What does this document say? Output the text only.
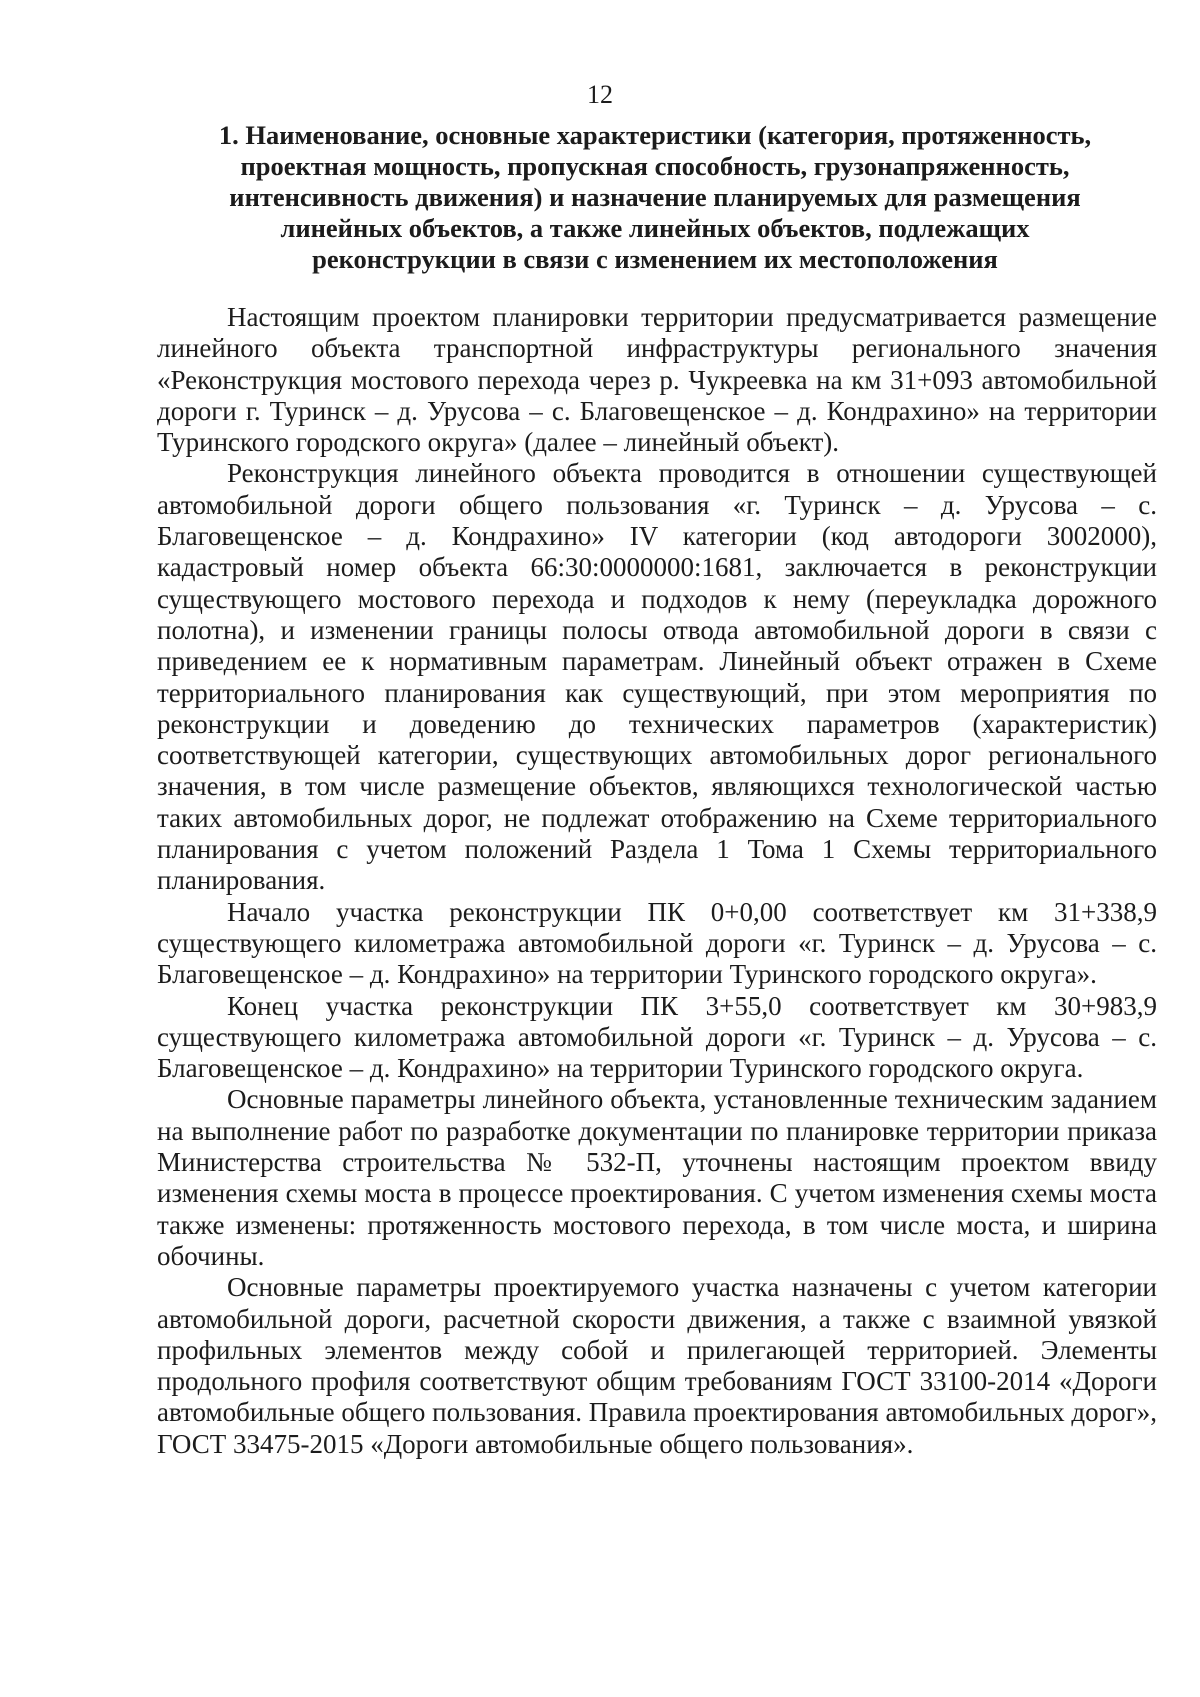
12
1. Наименование, основные характеристики (категория, протяженность,
проектная мощность, пропускная способность, грузонапряженность,
интенсивность движения) и назначение планируемых для размещения
линейных объектов, а также линейных объектов, подлежащих
реконструкции в связи с изменением их местоположения

Настоящим проектом планировки территории предусматривается размещение линейного объекта транспортной инфраструктуры регионального значения «Реконструкция мостового перехода через р. Чукреевка на км 31+093 автомобильной дороги г. Туринск – д. Урусова – с. Благовещенское – д. Кондрахино» на территории Туринского городского округа» (далее – линейный объект).

Реконструкция линейного объекта проводится в отношении существующей автомобильной дороги общего пользования «г. Туринск – д. Урусова – с. Благовещенское – д. Кондрахино» IV категории (код автодороги 3002000), кадастровый номер объекта 66:30:0000000:1681, заключается в реконструкции существующего мостового перехода и подходов к нему (переукладка дорожного полотна), и изменении границы полосы отвода автомобильной дороги в связи с приведением ее к нормативным параметрам. Линейный объект отражен в Схеме территориального планирования как существующий, при этом мероприятия по реконструкции и доведению до технических параметров (характеристик) соответствующей категории, существующих автомобильных дорог регионального значения, в том числе размещение объектов, являющихся технологической частью таких автомобильных дорог, не подлежат отображению на Схеме территориального планирования с учетом положений Раздела 1 Тома 1 Схемы территориального планирования.

Начало участка реконструкции ПК 0+0,00 соответствует км 31+338,9 существующего километража автомобильной дороги «г. Туринск – д. Урусова – с. Благовещенское – д. Кондрахино» на территории Туринского городского округа».

Конец участка реконструкции ПК 3+55,0 соответствует км 30+983,9 существующего километража автомобильной дороги «г. Туринск – д. Урусова – с. Благовещенское – д. Кондрахино» на территории Туринского городского округа.

Основные параметры линейного объекта, установленные техническим заданием на выполнение работ по разработке документации по планировке территории приказа Министерства строительства № 532-П, уточнены настоящим проектом ввиду изменения схемы моста в процессе проектирования. С учетом изменения схемы моста также изменены: протяженность мостового перехода, в том числе моста, и ширина обочины.

Основные параметры проектируемого участка назначены с учетом категории автомобильной дороги, расчетной скорости движения, а также с взаимной увязкой профильных элементов между собой и прилегающей территорией. Элементы продольного профиля соответствуют общим требованиям ГОСТ 33100-2014 «Дороги автомобильные общего пользования. Правила проектирования автомобильных дорог», ГОСТ 33475-2015 «Дороги автомобильные общего пользования».
